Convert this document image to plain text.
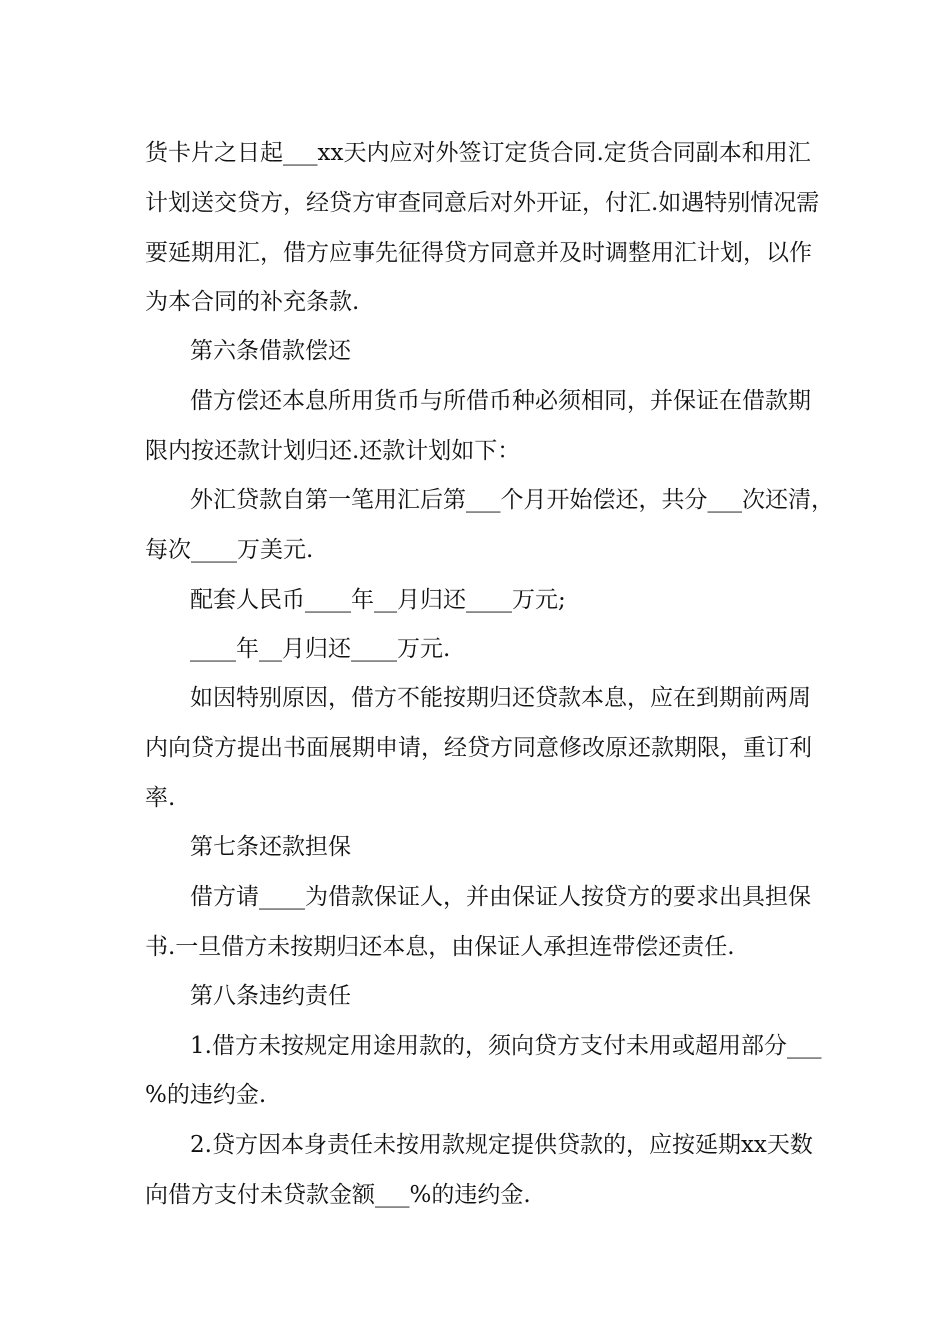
货卡片之日起___xx天内应对外签订定货合同.定货合同副本和用汇
计划送交贷方，经贷方审查同意后对外开证，付汇.如遇特别情况需
要延期用汇，借方应事先征得贷方同意并及时调整用汇计划，以作
为本合同的补充条款.
第六条借款偿还
借方偿还本息所用货币与所借币种必须相同，并保证在借款期
限内按还款计划归还.还款计划如下：
外汇贷款自第一笔用汇后第___个月开始偿还，共分___次还清，
每次____万美元.
配套人民币____年__月归还____万元;
____年__月归还____万元.
如因特别原因，借方不能按期归还贷款本息，应在到期前两周
内向贷方提出书面展期申请，经贷方同意修改原还款期限，重订利
率.
第七条还款担保
借方请____为借款保证人，并由保证人按贷方的要求出具担保
书.一旦借方未按期归还本息，由保证人承担连带偿还责任.
第八条违约责任
1.借方未按规定用途用款的，须向贷方支付未用或超用部分___
%的违约金.
2.贷方因本身责任未按用款规定提供贷款的，应按延期xx天数
向借方支付未贷款金额___%的违约金.
